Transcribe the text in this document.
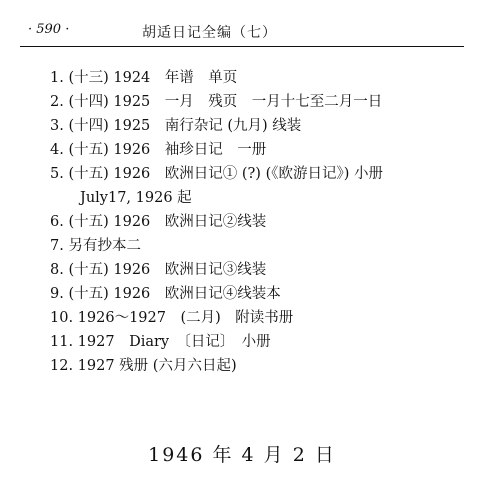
· 590 ·	胡适日记全编（七）
1. (十三) 1924　年谱　单页
2. (十四) 1925　一月　残页　一月十七至二月一日
3. (十四) 1925　南行杂记 (九月) 线装
4. (十五) 1926　袖珍日记　一册
5. (十五) 1926　欧洲日记① (?) (《欧游日记》) 小册
July17, 1926 起
6. (十五) 1926　欧洲日记②线装
7. 另有抄本二
8. (十五) 1926　欧洲日记③线装
9. (十五) 1926　欧洲日记④线装本
10. 1926～1927　(二月)　附读书册
11. 1927　Diary　〔日记〕　小册
12. 1927 残册 (六月六日起)
1946 年 4 月 2 日
